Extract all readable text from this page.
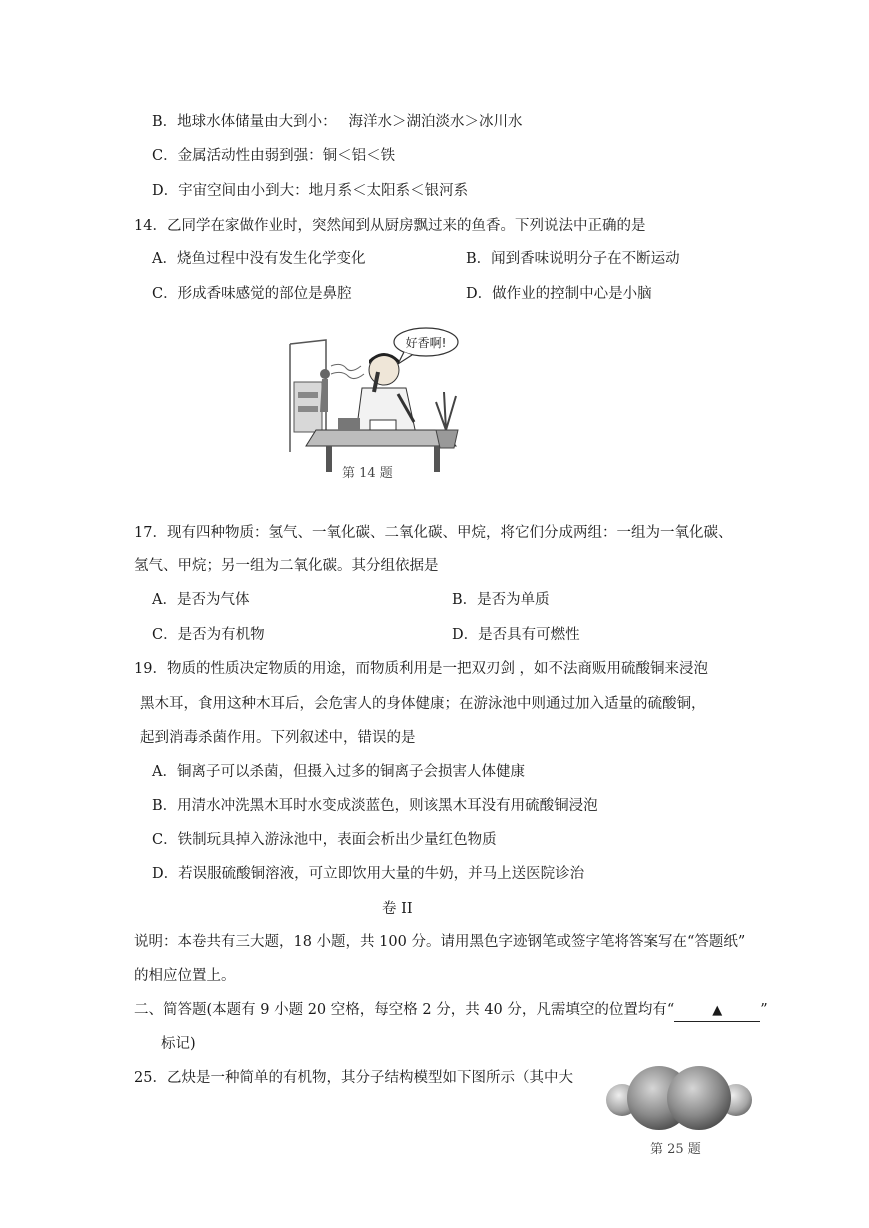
B．地球水体储量由大到小：　 海洋水＞湖泊淡水＞冰川水
C．金属活动性由弱到强：铜＜铝＜铁
D．宇宙空间由小到大：地月系＜太阳系＜银河系
14．乙同学在家做作业时，突然闻到从厨房飘过来的鱼香。下列说法中正确的是
A．烧鱼过程中没有发生化学变化	B．闻到香味说明分子在不断运动
C．形成香味感觉的部位是鼻腔	D．做作业的控制中心是小脑
好香啊!
第 14 题
17．现有四种物质：氢气、一氧化碳、二氧化碳、甲烷，将它们分成两组：一组为一氧化碳、
氢气、甲烷；另一组为二氧化碳。其分组依据是
A．是否为气体	B．是否为单质
C．是否为有机物	D．是否具有可燃性
19．物质的性质决定物质的用途，而物质利用是一把双刃剑 ，如不法商贩用硫酸铜来浸泡
黑木耳，食用这种木耳后，会危害人的身体健康；在游泳池中则通过加入适量的硫酸铜，
起到消毒杀菌作用。下列叙述中，错误的是
A．铜离子可以杀菌，但摄入过多的铜离子会损害人体健康
B．用清水冲洗黑木耳时水变成淡蓝色，则该黑木耳没有用硫酸铜浸泡
C．铁制玩具掉入游泳池中，表面会析出少量红色物质
D．若误服硫酸铜溶液，可立即饮用大量的牛奶，并马上送医院诊治
卷 II
说明：本卷共有三大题，18 小题，共 100 分。请用黑色字迹钢笔或签字笔将答案写在“答题纸”
的相应位置上。
二、简答题(本题有 9 小题 20 空格，每空格 2 分，共 40 分，凡需填空的位置均有“	▲	”
标记)
25．乙炔是一种简单的有机物，其分子结构模型如下图所示（其中大
第 25 题
